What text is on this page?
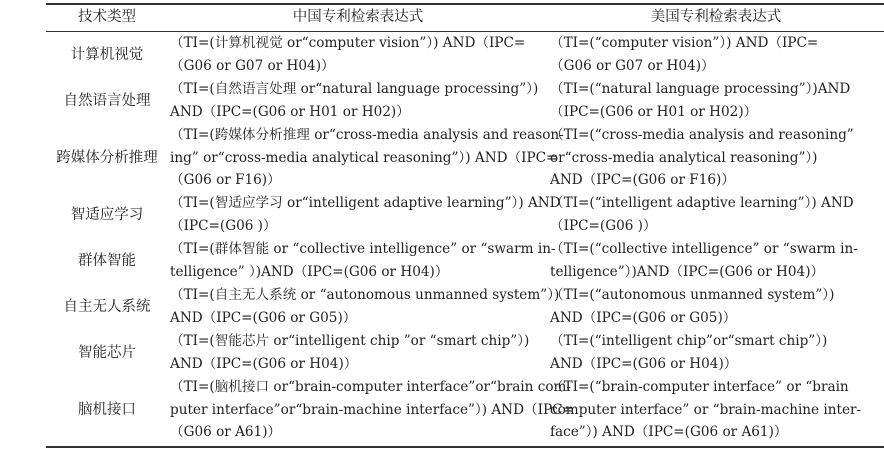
技术类型	中国专利检索表达式	美国专利检索表达式
计算机视觉
（TI=(计算机视觉 or“computer vision”）) AND（IPC=
（G06 or G07 or H04)）
（TI=(“computer vision”）) AND（IPC=
（G06 or G07 or H04)）
自然语言处理
（TI=(自然语言处理 or“natural language processing”）)
AND（IPC=(G06 or H01 or H02)）
（TI=(“natural language processing”）)AND
（IPC=(G06 or H01 or H02)）
跨媒体分析推理
（TI=(跨媒体分析推理 or“cross-media analysis and reason-
ing” or“cross-media analytical reasoning”）) AND（IPC=
（G06 or F16)）
（TI=(“cross-media analysis and reasoning”
or“cross-media analytical reasoning”）)
AND（IPC=(G06 or F16)）
智适应学习
（TI=(智适应学习 or“intelligent adaptive learning”）) AND
（IPC=(G06 )）
（TI=(“intelligent adaptive learning”）) AND
（IPC=(G06 )）
群体智能
（TI=(群体智能 or “collective intelligence” or “swarm in-
telligence” ）)AND（IPC=(G06 or H04)）
（TI=(“collective intelligence” or “swarm in-
telligence”）)AND（IPC=(G06 or H04)）
自主无人系统
（TI=(自主无人系统 or “autonomous unmanned system”）)
AND（IPC=(G06 or G05)）
（TI=(“autonomous unmanned system”）)
AND（IPC=(G06 or G05)）
智能芯片
（TI=(智能芯片 or“intelligent chip ”or “smart chip”）)
AND（IPC=(G06 or H04)）
（TI=(“intelligent chip”or“smart chip”）)
AND（IPC=(G06 or H04)）
脑机接口
（TI=(脑机接口 or“brain-computer interface”or“brain com-
puter interface”or“brain-machine interface”）) AND（IPC=
（G06 or A61)）
（TI=(“brain-computer interface” or “brain
computer interface” or “brain-machine inter-
face”）) AND（IPC=(G06 or A61)）
